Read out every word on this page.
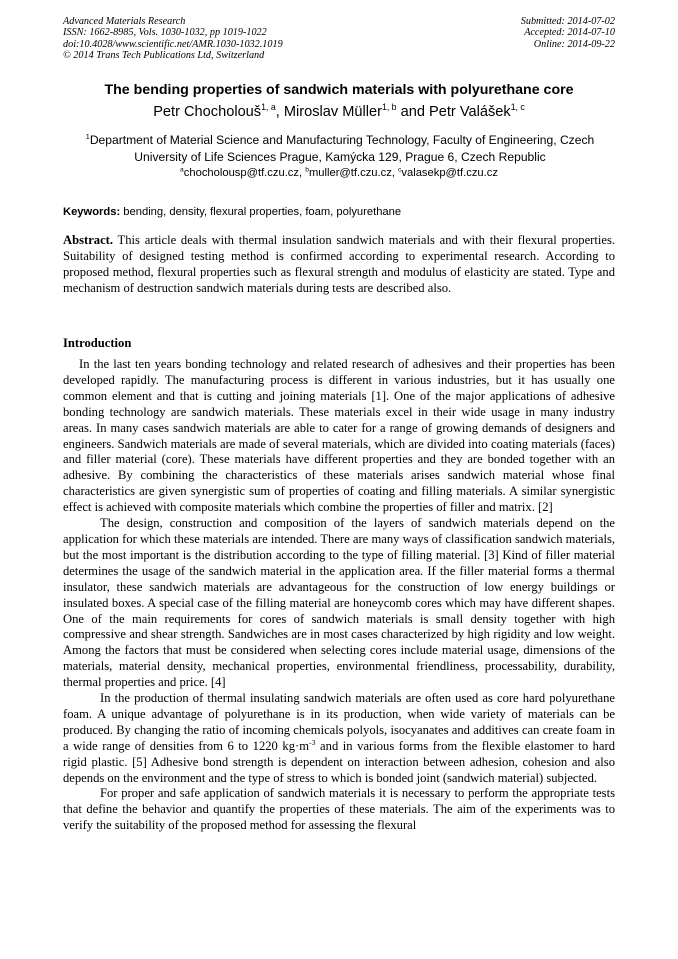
Advanced Materials Research
ISSN: 1662-8985, Vols. 1030-1032, pp 1019-1022
doi:10.4028/www.scientific.net/AMR.1030-1032.1019
© 2014 Trans Tech Publications Ltd, Switzerland
Submitted: 2014-07-02
Accepted: 2014-07-10
Online: 2014-09-22
The bending properties of sandwich materials with polyurethane core
Petr Chocholouš$^{1, a}$, Miroslav Müller$^{1, b}$ and Petr Valášek$^{1, c}$
$^1$Department of Material Science and Manufacturing Technology, Faculty of Engineering, Czech
University of Life Sciences Prague, Kamýcka 129, Prague 6, Czech Republic
$^a$chocholousp@tf.czu.cz, $^b$muller@tf.czu.cz, $^c$valasekp@tf.czu.cz
Keywords: bending, density, flexural properties, foam, polyurethane
Abstract. This article deals with thermal insulation sandwich materials and with their flexural properties. Suitability of designed testing method is confirmed according to experimental research. According to proposed method, flexural properties such as flexural strength and modulus of elasticity are stated. Type and mechanism of destruction sandwich materials during tests are described also.
Introduction

In the last ten years bonding technology and related research of adhesives and their properties has been developed rapidly. The manufacturing process is different in various industries, but it has usually one common element and that is cutting and joining materials [1]. One of the major applications of adhesive bonding technology are sandwich materials. These materials excel in their wide usage in many industry areas. In many cases sandwich materials are able to cater for a range of growing demands of designers and engineers. Sandwich materials are made of several materials, which are divided into coating materials (faces) and filler material (core). These materials have different properties and they are bonded together with an adhesive. By combining the characteristics of these materials arises sandwich material whose final characteristics are given synergistic sum of properties of coating and filling materials. A similar synergistic effect is achieved with composite materials which combine the properties of filler and matrix. [2]

The design, construction and composition of the layers of sandwich materials depend on the application for which these materials are intended. There are many ways of classification sandwich materials, but the most important is the distribution according to the type of filling material. [3] Kind of filler material determines the usage of the sandwich material in the application area. If the filler material forms a thermal insulator, these sandwich materials are advantageous for the construction of low energy buildings or insulated boxes. A special case of the filling material are honeycomb cores which may have different shapes. One of the main requirements for cores of sandwich materials is small density together with high compressive and shear strength. Sandwiches are in most cases characterized by high rigidity and low weight. Among the factors that must be considered when selecting cores include material usage, dimensions of the materials, material density, mechanical properties, environmental friendliness, processability, durability, thermal properties and price. [4]

In the production of thermal insulating sandwich materials are often used as core hard polyurethane foam. A unique advantage of polyurethane is in its production, when wide variety of materials can be produced. By changing the ratio of incoming chemicals polyols, isocyanates and additives can create foam in a wide range of densities from 6 to 1220 $kg\cdot m^{-3}$ and in various forms from the flexible elastomer to hard rigid plastic. [5] Adhesive bond strength is dependent on interaction between adhesion, cohesion and also depends on the environment and the type of stress to which is bonded joint (sandwich material) subjected.

For proper and safe application of sandwich materials it is necessary to perform the appropriate tests that define the behavior and quantify the properties of these materials. The aim of the experiments was to verify the suitability of the proposed method for assessing the flexural
